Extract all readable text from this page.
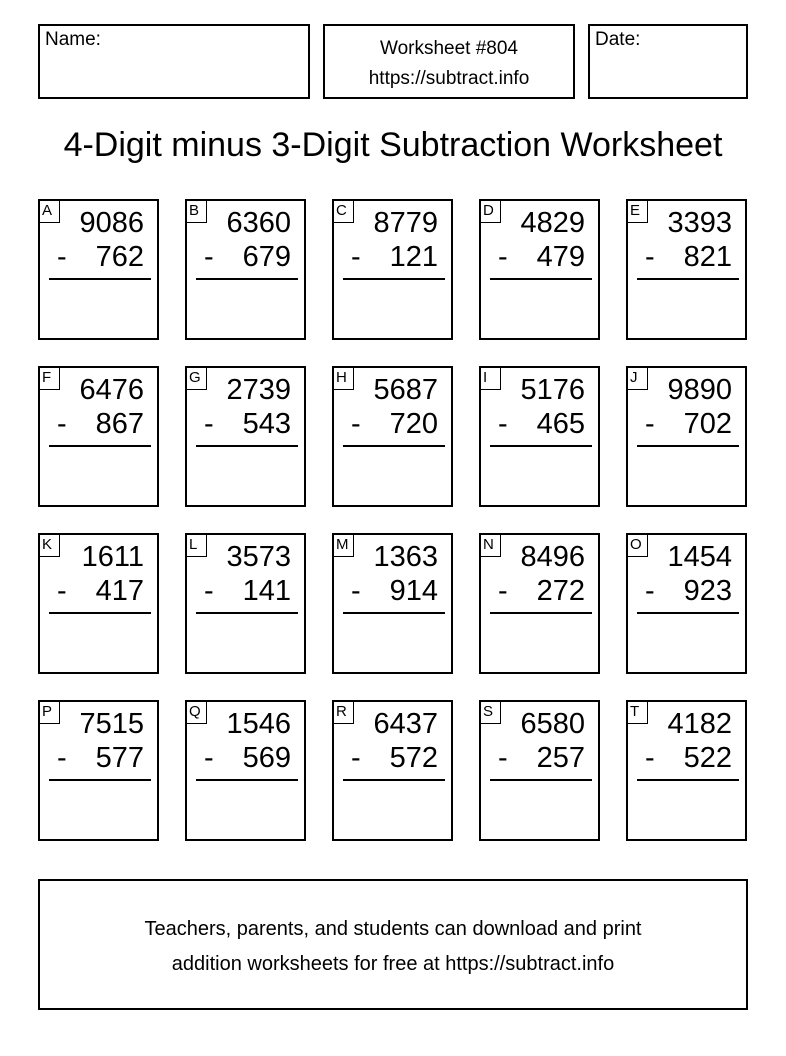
Name:	Worksheet #804
https://subtract.info
Date:
4-Digit minus 3-Digit Subtraction Worksheet
A 9086
- 762
B 6360
- 679
C 8779
- 121
D 4829
- 479
E 3393
- 821
F 6476
- 867
G 2739
- 543
H 5687
- 720
I	5176
- 465
J	9890
- 702
K 1611
- 417
L	3573
- 141
M 1363
- 914
N 8496
- 272
O 1454
- 923
P 7515
- 577
Q 1546
- 569
R 6437
- 572
S 6580
- 257
T 4182
- 522
Teachers, parents, and students can download and print
addition worksheets for free at https://subtract.info
